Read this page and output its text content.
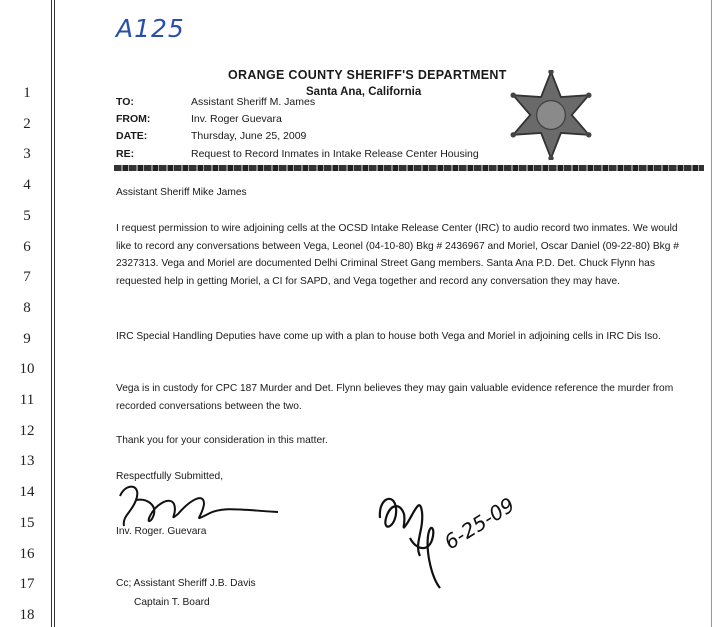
1
2
3
4
5
6
7
8
9
10
11
12
13
14
15
16
17
18
A125
ORANGE COUNTY SHERIFF'S DEPARTMENT
Santa Ana, California
TO:	Assistant Sheriff M. James
FROM:	Inv. Roger Guevara
DATE:	Thursday, June 25, 2009
RE:	Request to Record Inmates in Intake Release Center Housing
Assistant Sheriff Mike James
I request permission to wire adjoining cells at the OCSD Intake Release Center (IRC) to audio record two inmates. We would like to record any conversations between Vega, Leonel (04-10-80) Bkg # 2436967 and Moriel, Oscar Daniel (09-22-80) Bkg # 2327313. Vega and Moriel are documented Delhi Criminal Street Gang members. Santa Ana P.D. Det. Chuck Flynn has requested help in getting Moriel, a CI for SAPD, and Vega together and record any conversation they may have.
IRC Special Handling Deputies have come up with a plan to house both Vega and Moriel in adjoining cells in IRC Dis Iso.
Vega is in custody for CPC 187 Murder and Det. Flynn believes they may gain valuable evidence reference the murder from recorded conversations between the two.
Thank you for your consideration in this matter.
Respectfully Submitted,
Inv. Roger. Guevara	6-25-09
Cc; Assistant Sheriff J.B. Davis
Captain T. Board
